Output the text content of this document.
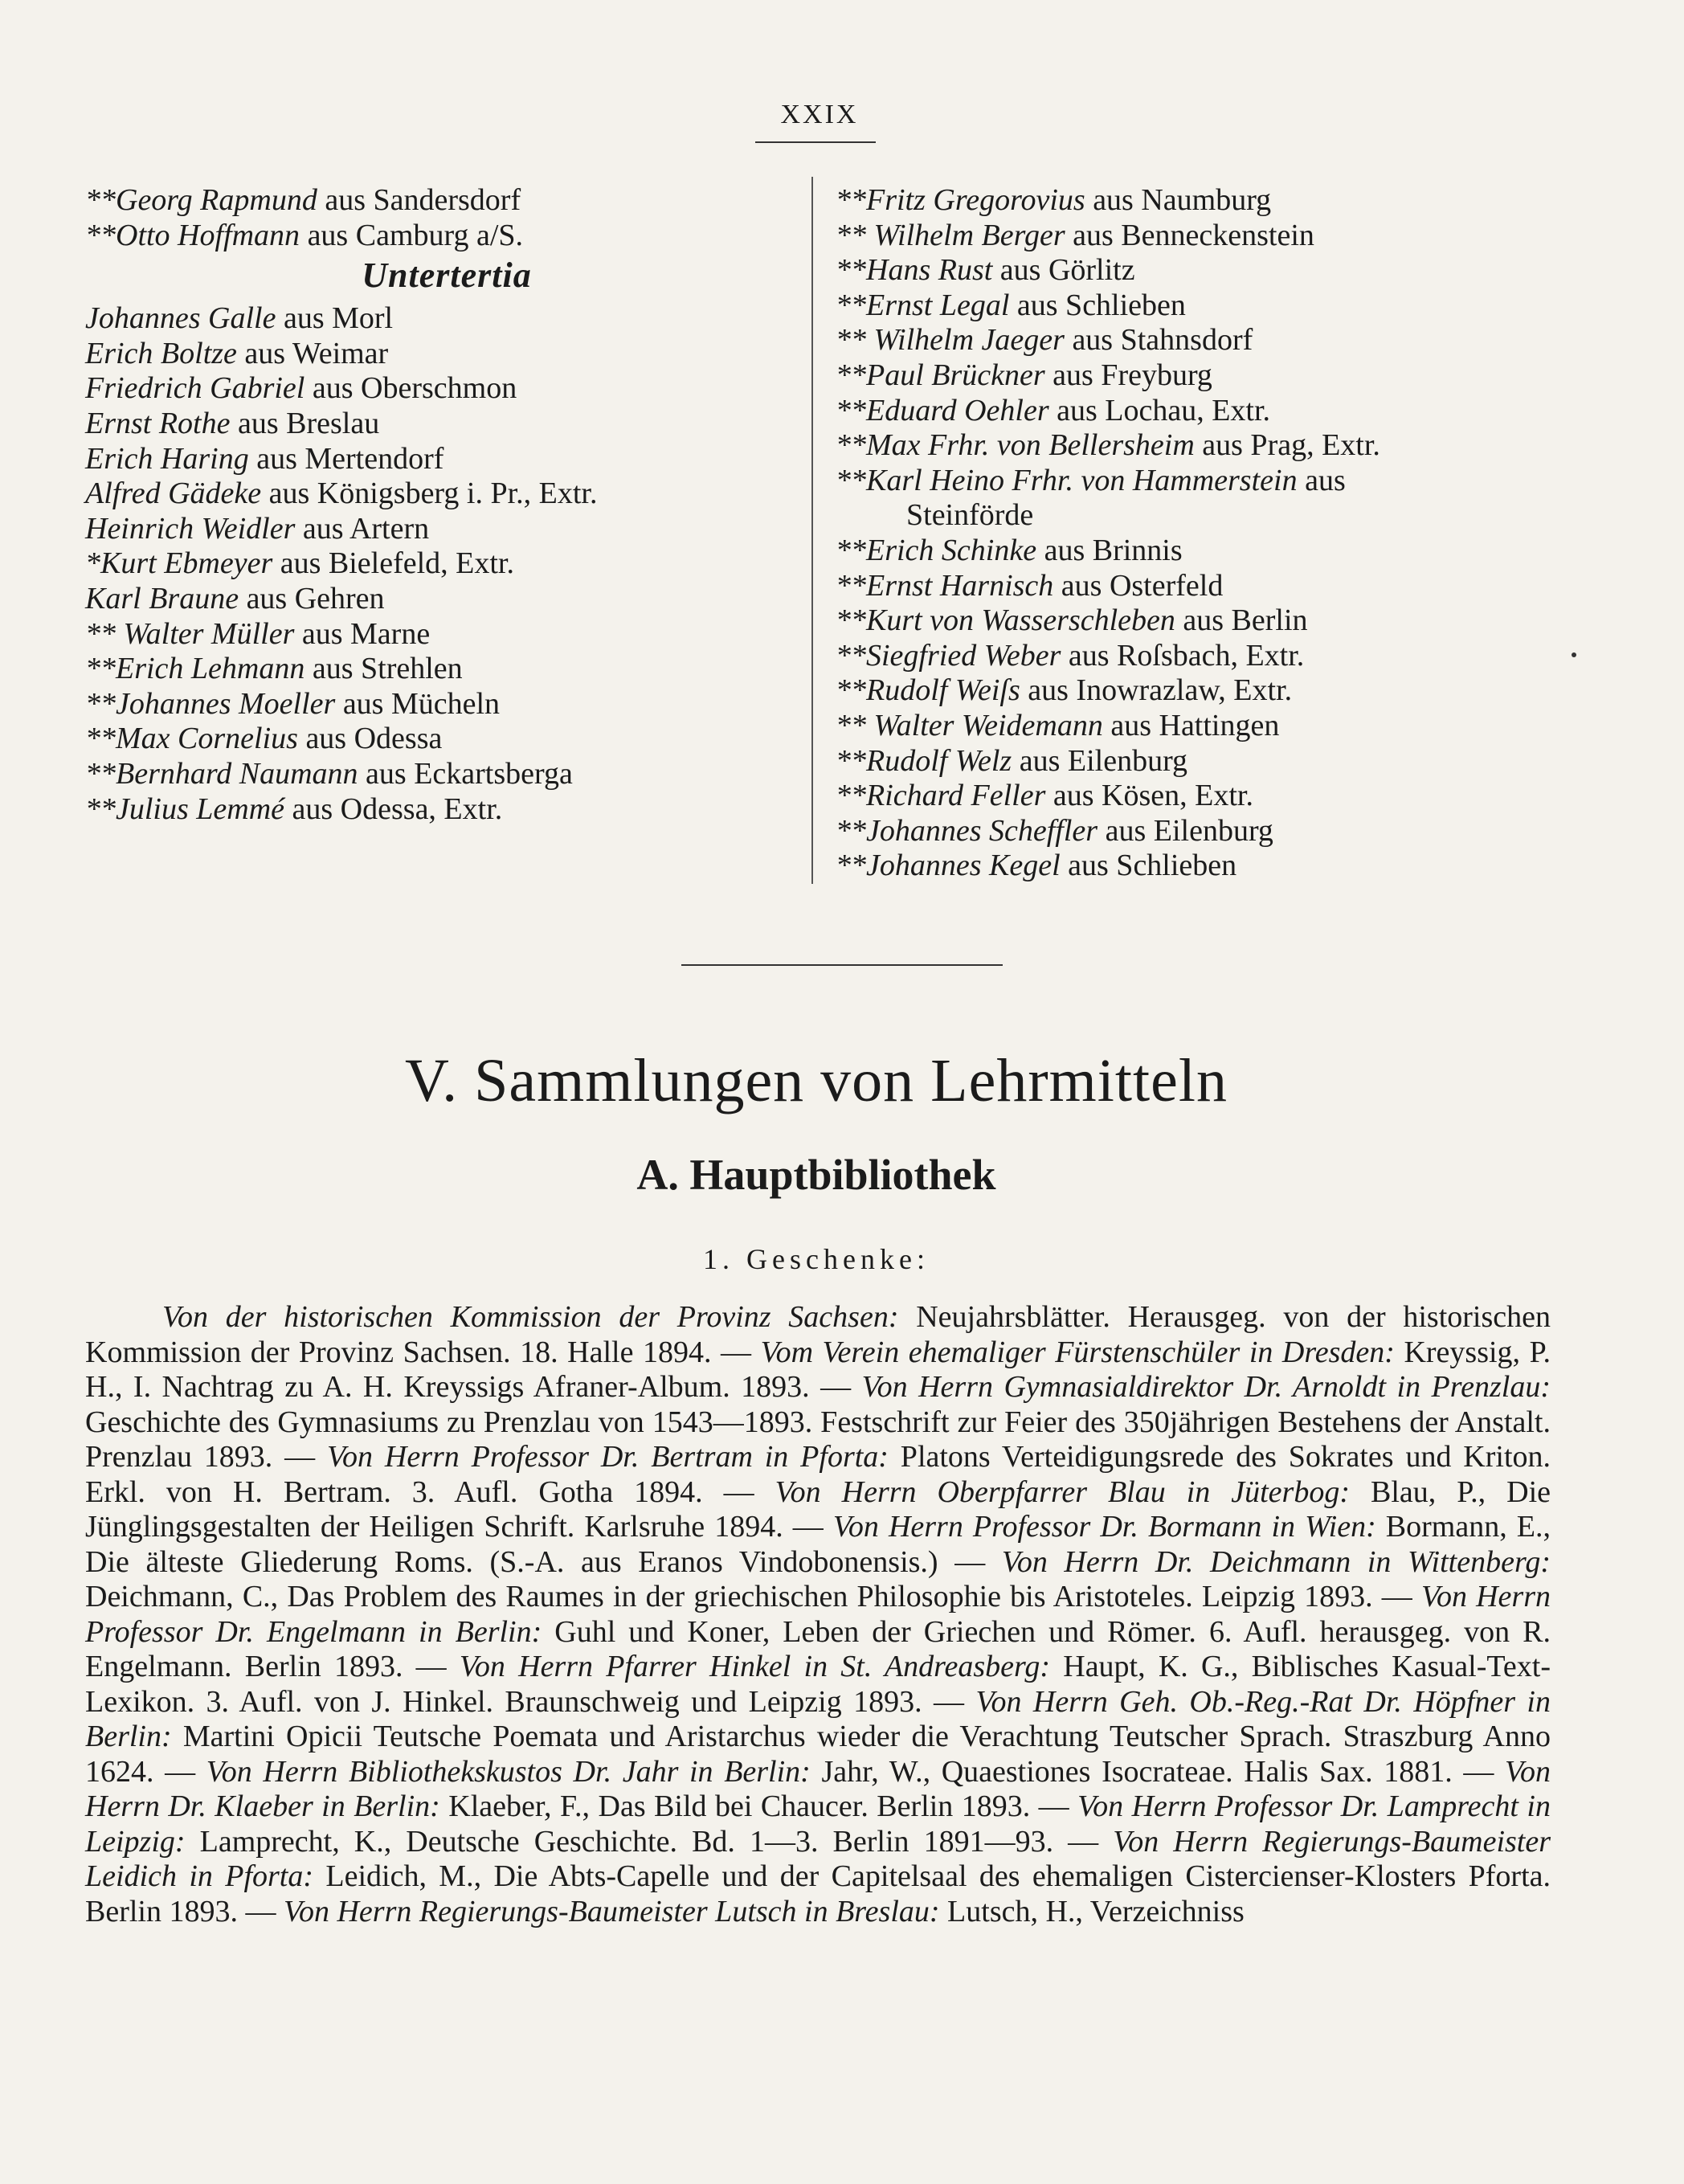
XXIX
**Georg Rapmund aus Sandersdorf
**Otto Hoffmann aus Camburg a/S.
Untertertia
Johannes Galle aus Morl
Erich Boltze aus Weimar
Friedrich Gabriel aus Oberschmon
Ernst Rothe aus Breslau
Erich Haring aus Mertendorf
Alfred Gädeke aus Königsberg i. Pr., Extr.
Heinrich Weidler aus Artern
*Kurt Ebmeyer aus Bielefeld, Extr.
Karl Braune aus Gehren
** Walter Müller aus Marne
**Erich Lehmann aus Strehlen
**Johannes Moeller aus Mücheln
**Max Cornelius aus Odessa
**Bernhard Naumann aus Eckartsberga
**Julius Lemmé aus Odessa, Extr.
**Fritz Gregorovius aus Naumburg
** Wilhelm Berger aus Benneckenstein
**Hans Rust aus Görlitz
**Ernst Legal aus Schlieben
** Wilhelm Jaeger aus Stahnsdorf
**Paul Brückner aus Freyburg
**Eduard Oehler aus Lochau, Extr.
**Max Frhr. von Bellersheim aus Prag, Extr.
**Karl Heino Frhr. von Hammerstein aus
Steinförde
**Erich Schinke aus Brinnis
**Ernst Harnisch aus Osterfeld
**Kurt von Wasserschleben aus Berlin
**Siegfried Weber aus Roſsbach, Extr.
**Rudolf Weiſs aus Inowrazlaw, Extr.
** Walter Weidemann aus Hattingen
**Rudolf Welz aus Eilenburg
**Richard Feller aus Kösen, Extr.
**Johannes Scheffler aus Eilenburg
**Johannes Kegel aus Schlieben
V. Sammlungen von Lehrmitteln
A. Hauptbibliothek
1. Geschenke:
Von der historischen Kommission der Provinz Sachsen: Neujahrsblätter. Herausgeg. von der historischen Kommission der Provinz Sachsen. 18. Halle 1894. — Vom Verein ehemaliger Fürstenschüler in Dresden: Kreyssig, P. H., I. Nachtrag zu A. H. Kreyssigs Afraner-Album. 1893. — Von Herrn Gymnasialdirektor Dr. Arnoldt in Prenzlau: Geschichte des Gymnasiums zu Prenzlau von 1543—1893. Festschrift zur Feier des 350jährigen Bestehens der Anstalt. Prenzlau 1893. — Von Herrn Professor Dr. Bertram in Pforta: Platons Verteidigungsrede des Sokrates und Kriton. Erkl. von H. Bertram. 3. Aufl. Gotha 1894. — Von Herrn Oberpfarrer Blau in Jüterbog: Blau, P., Die Jünglingsgestalten der Heiligen Schrift. Karlsruhe 1894. — Von Herrn Professor Dr. Bormann in Wien: Bormann, E., Die älteste Gliederung Roms. (S.-A. aus Eranos Vindobonensis.) — Von Herrn Dr. Deichmann in Wittenberg: Deichmann, C., Das Problem des Raumes in der griechischen Philosophie bis Aristoteles. Leipzig 1893. — Von Herrn Professor Dr. Engelmann in Berlin: Guhl und Koner, Leben der Griechen und Römer. 6. Aufl. herausgeg. von R. Engelmann. Berlin 1893. — Von Herrn Pfarrer Hinkel in St. Andreasberg: Haupt, K. G., Biblisches Kasual-Text-Lexikon. 3. Aufl. von J. Hinkel. Braunschweig und Leipzig 1893. — Von Herrn Geh. Ob.-Reg.-Rat Dr. Höpfner in Berlin: Martini Opicii Teutsche Poemata und Aristarchus wieder die Verachtung Teutscher Sprach. Straszburg Anno 1624. — Von Herrn Bibliothekskustos Dr. Jahr in Berlin: Jahr, W., Quaestiones Isocrateae. Halis Sax. 1881. — Von Herrn Dr. Klaeber in Berlin: Klaeber, F., Das Bild bei Chaucer. Berlin 1893. — Von Herrn Professor Dr. Lamprecht in Leipzig: Lamprecht, K., Deutsche Geschichte. Bd. 1—3. Berlin 1891—93. — Von Herrn Regierungs-Baumeister Leidich in Pforta: Leidich, M., Die Abts-Capelle und der Capitelsaal des ehemaligen Cistercienser-Klosters Pforta. Berlin 1893. — Von Herrn Regierungs-Baumeister Lutsch in Breslau: Lutsch, H., Verzeichniss
